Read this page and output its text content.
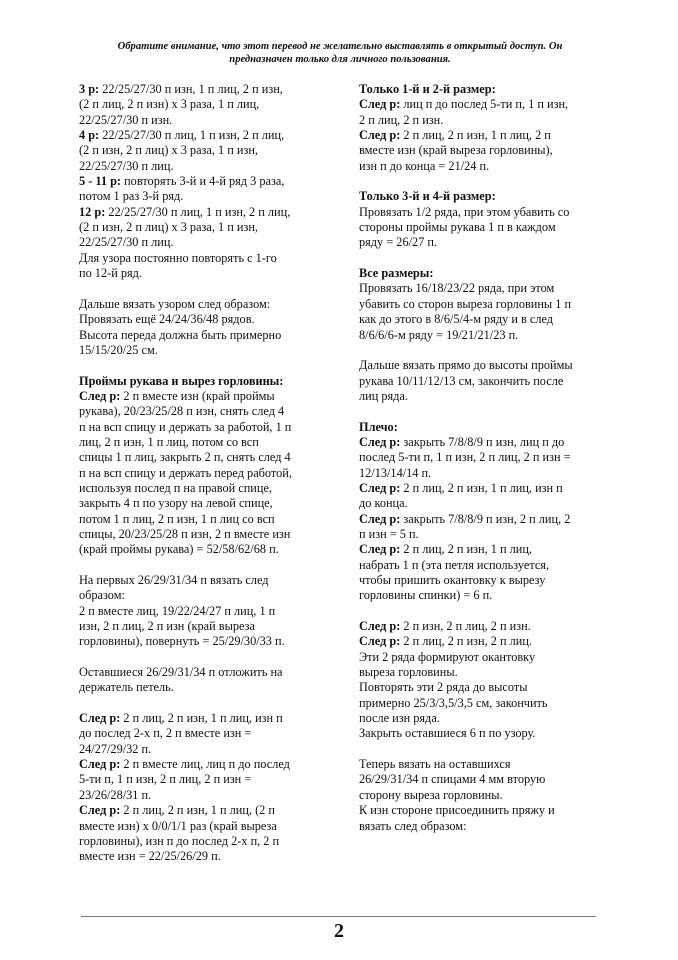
Обратите внимание, что этот перевод не желательно выставлять в открытый доступ. Он
предназначен только для личного пользования.
3 р: 22/25/27/30 п изн, 1 п лиц, 2 п изн,
(2 п лиц, 2 п изн) х 3 раза, 1 п лиц,
22/25/27/30 п изн.
4 р: 22/25/27/30 п лиц, 1 п изн, 2 п лиц,
(2 п изн, 2 п лиц) х 3 раза, 1 п изн,
22/25/27/30 п лиц.
5 - 11 р: повторять 3-й и 4-й ряд 3 раза,
потом 1 раз 3-й ряд.
12 р: 22/25/27/30 п лиц, 1 п изн, 2 п лиц,
(2 п изн, 2 п лиц) х 3 раза, 1 п изн,
22/25/27/30 п лиц.
Для узора постоянно повторять с 1-го
по 12-й ряд.
Дальше вязать узором след образом:
Провязать ещё 24/24/36/48 рядов.
Высота переда должна быть примерно
15/15/20/25 см.
Проймы рукава и вырез горловины:
След р: 2 п вместе изн (край проймы
рукава), 20/23/25/28 п изн, снять след 4
п на всп спицу и держать за работой, 1 п
лиц, 2 п изн, 1 п лиц, потом со всп
спицы 1 п лиц, закрыть 2 п, снять след 4
п на всп спицу и держать перед работой,
используя послед п на правой спице,
закрыть 4 п по узору на левой спице,
потом 1 п лиц, 2 п изн, 1 п лиц со всп
спицы, 20/23/25/28 п изн, 2 п вместе изн
(край проймы рукава) = 52/58/62/68 п.
На первых 26/29/31/34 п вязать след
образом:
2 п вместе лиц, 19/22/24/27 п лиц, 1 п
изн, 2 п лиц, 2 п изн (край выреза
горловины), повернуть = 25/29/30/33 п.
Оставшиеся 26/29/31/34 п отложить на
держатель петель.
След р: 2 п лиц, 2 п изн, 1 п лиц, изн п
до послед 2-х п, 2 п вместе изн =
24/27/29/32 п.
След р: 2 п вместе лиц, лиц п до послед
5-ти п, 1 п изн, 2 п лиц, 2 п изн =
23/26/28/31 п.
След р: 2 п лиц, 2 п изн, 1 п лиц, (2 п
вместе изн) х 0/0/1/1 раз (край выреза
горловины), изн п до послед 2-х п, 2 п
вместе изн = 22/25/26/29 п.
Только 1-й и 2-й размер:
След р: лиц п до послед 5-ти п, 1 п изн,
2 п лиц, 2 п изн.
След р: 2 п лиц, 2 п изн, 1 п лиц, 2 п
вместе изн (край выреза горловины),
изн п до конца = 21/24 п.
Только 3-й и 4-й размер:
Провязать 1/2 ряда, при этом убавить со
стороны проймы рукава 1 п в каждом
ряду = 26/27 п.
Все размеры:
Провязать 16/18/23/22 ряда, при этом
убавить со сторон выреза горловины 1 п
как до этого в 8/6/5/4-м ряду и в след
8/6/6/6-м ряду = 19/21/21/23 п.
Дальше вязать прямо до высоты проймы
рукава 10/11/12/13 см, закончить после
лиц ряда.
Плечо:
След р: закрыть 7/8/8/9 п изн, лиц п до
послед 5-ти п, 1 п изн, 2 п лиц, 2 п изн =
12/13/14/14 п.
След р: 2 п лиц, 2 п изн, 1 п лиц, изн п
до конца.
След р: закрыть 7/8/8/9 п изн, 2 п лиц, 2
п изн = 5 п.
След р: 2 п лиц, 2 п изн, 1 п лиц,
набрать 1 п (эта петля используется,
чтобы пришить окантовку к вырезу
горловины спинки) = 6 п.
След р: 2 п изн, 2 п лиц, 2 п изн.
След р: 2 п лиц, 2 п изн, 2 п лиц.
Эти 2 ряда формируют окантовку
выреза горловины.
Повторять эти 2 ряда до высоты
примерно 25/3/3,5/3,5 см, закончить
после изн ряда.
Закрыть оставшиеся 6 п по узору.
Теперь вязать на оставшихся
26/29/31/34 п спицами 4 мм вторую
сторону выреза горловины.
К изн стороне присоединить пряжу и
вязать след образом:
2
